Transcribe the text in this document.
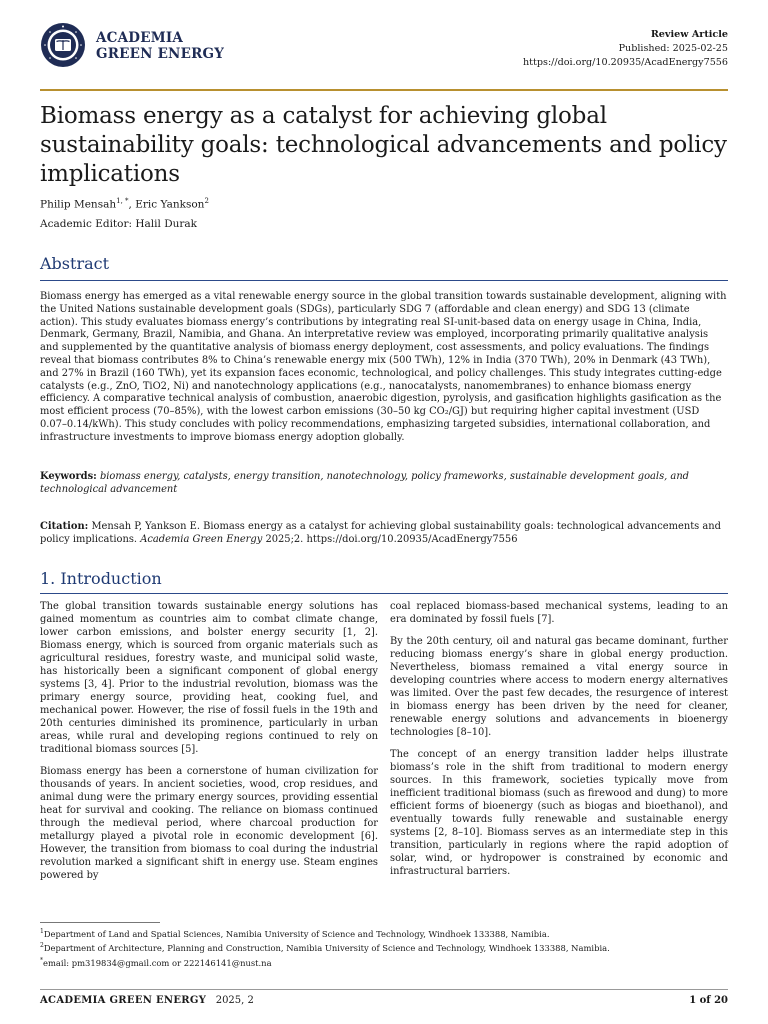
ACADEMIA
GREEN ENERGY
Review Article
Published: 2025-02-25
https://doi.org/10.20935/AcadEnergy7556
Biomass energy as a catalyst for achieving global sustainability goals: technological advancements and policy implications
Philip Mensah$^{1, *}$, Eric Yankson$^2$
Academic Editor: Halil Durak
Abstract

Biomass energy has emerged as a vital renewable energy source in the global transition towards sustainable development, aligning with the United Nations sustainable development goals (SDGs), particularly SDG 7 (affordable and clean energy) and SDG 13 (climate action). This study evaluates biomass energy’s contributions by integrating real SI-unit-based data on energy usage in China, India, Denmark, Germany, Brazil, Namibia, and Ghana. An interpretative review was employed, incorporating primarily qualitative analysis and supplemented by the quantitative analysis of biomass energy deployment, cost assessments, and policy evaluations. The findings reveal that biomass contributes 8% to China’s renewable energy mix (500 TWh), 12% in India (370 TWh), 20% in Denmark (43 TWh), and 27% in Brazil (160 TWh), yet its expansion faces economic, technological, and policy challenges. This study integrates cutting-edge catalysts (e.g., ZnO, TiO2, Ni) and nanotechnology applications (e.g., nanocatalysts, nanomembranes) to enhance biomass energy efficiency. A comparative technical analysis of combustion, anaerobic digestion, pyrolysis, and gasification highlights gasification as the most efficient process (70–85%), with the lowest carbon emissions (30–50 kg CO₂/GJ) but requiring higher capital investment (USD 0.07–0.14/kWh). This study concludes with policy recommendations, emphasizing targeted subsidies, international collaboration, and infrastructure investments to improve biomass energy adoption globally.

Keywords: biomass energy, catalysts, energy transition, nanotechnology, policy frameworks, sustainable development goals, and technological advancement

Citation: Mensah P, Yankson E. Biomass energy as a catalyst for achieving global sustainability goals: technological advancements and policy implications. Academia Green Energy 2025;2. https://doi.org/10.20935/AcadEnergy7556

1. Introduction

The global transition towards sustainable energy solutions has gained momentum as countries aim to combat climate change, lower carbon emissions, and bolster energy security [1, 2]. Biomass energy, which is sourced from organic materials such as agricultural residues, forestry waste, and municipal solid waste, has historically been a significant component of global energy systems [3, 4]. Prior to the industrial revolution, biomass was the primary energy source, providing heat, cooking fuel, and mechanical power. However, the rise of fossil fuels in the 19th and 20th centuries diminished its prominence, particularly in urban areas, while rural and developing regions continued to rely on traditional biomass sources [5].

Biomass energy has been a cornerstone of human civilization for thousands of years. In ancient societies, wood, crop residues, and animal dung were the primary energy sources, providing essential heat for survival and cooking. The reliance on biomass continued through the medieval period, where charcoal production for metallurgy played a pivotal role in economic development [6]. However, the transition from biomass to coal during the industrial revolution marked a significant shift in energy use. Steam engines powered by

coal replaced biomass-based mechanical systems, leading to an era dominated by fossil fuels [7].

By the 20th century, oil and natural gas became dominant, further reducing biomass energy’s share in global energy production. Nevertheless, biomass remained a vital energy source in developing countries where access to modern energy alternatives was limited. Over the past few decades, the resurgence of interest in biomass energy has been driven by the need for cleaner, renewable energy solutions and advancements in bioenergy technologies [8–10].

The concept of an energy transition ladder helps illustrate biomass’s role in the shift from traditional to modern energy sources. In this framework, societies typically move from inefficient traditional biomass (such as firewood and dung) to more efficient forms of bioenergy (such as biogas and bioethanol), and eventually towards fully renewable and sustainable energy systems [2, 8–10]. Biomass serves as an intermediate step in this transition, particularly in regions where the rapid adoption of solar, wind, or hydropower is constrained by economic and infrastructural barriers.

$^1$Department of Land and Spatial Sciences, Namibia University of Science and Technology, Windhoek 133388, Namibia.
$^2$Department of Architecture, Planning and Construction, Namibia University of Science and Technology, Windhoek 133388, Namibia.
*email: pm319834@gmail.com or 222146141@nust.na
ACADEMIA GREEN ENERGY 2025, 2	1 of 20
